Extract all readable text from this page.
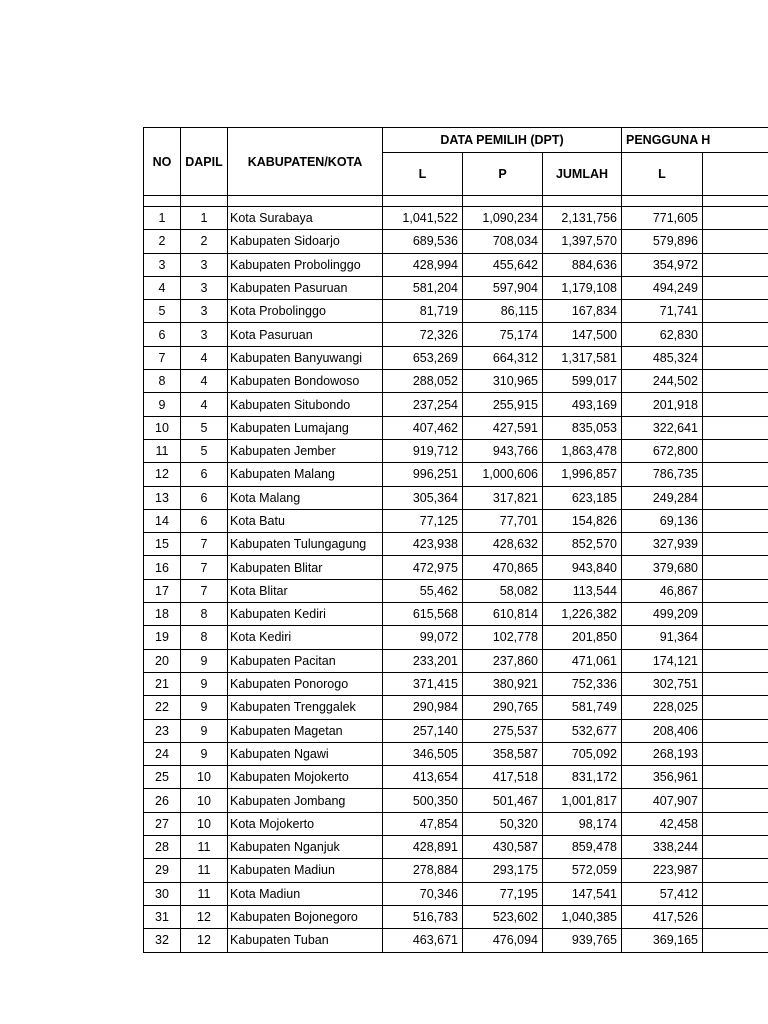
NO	DAPIL	KABUPATEN/KOTA	DATA PEMILIH (DPT)			PENGGUNA H	
			L	P	JUMLAH	L	

1	1	Kota Surabaya	1,041,522	1,090,234	2,131,756	771,605	
2	2	Kabupaten Sidoarjo	689,536	708,034	1,397,570	579,896	
3	3	Kabupaten Probolinggo	428,994	455,642	884,636	354,972	
4	3	Kabupaten Pasuruan	581,204	597,904	1,179,108	494,249	
5	3	Kota Probolinggo	81,719	86,115	167,834	71,741	
6	3	Kota Pasuruan	72,326	75,174	147,500	62,830	
7	4	Kabupaten Banyuwangi	653,269	664,312	1,317,581	485,324	
8	4	Kabupaten Bondowoso	288,052	310,965	599,017	244,502	
9	4	Kabupaten Situbondo	237,254	255,915	493,169	201,918	
10	5	Kabupaten Lumajang	407,462	427,591	835,053	322,641	
11	5	Kabupaten Jember	919,712	943,766	1,863,478	672,800	
12	6	Kabupaten Malang	996,251	1,000,606	1,996,857	786,735	
13	6	Kota Malang	305,364	317,821	623,185	249,284	
14	6	Kota Batu	77,125	77,701	154,826	69,136	
15	7	Kabupaten Tulungagung	423,938	428,632	852,570	327,939	
16	7	Kabupaten Blitar	472,975	470,865	943,840	379,680	
17	7	Kota Blitar	55,462	58,082	113,544	46,867	
18	8	Kabupaten Kediri	615,568	610,814	1,226,382	499,209	
19	8	Kota Kediri	99,072	102,778	201,850	91,364	
20	9	Kabupaten Pacitan	233,201	237,860	471,061	174,121	
21	9	Kabupaten Ponorogo	371,415	380,921	752,336	302,751	
22	9	Kabupaten Trenggalek	290,984	290,765	581,749	228,025	
23	9	Kabupaten Magetan	257,140	275,537	532,677	208,406	
24	9	Kabupaten Ngawi	346,505	358,587	705,092	268,193	
25	10	Kabupaten Mojokerto	413,654	417,518	831,172	356,961	
26	10	Kabupaten Jombang	500,350	501,467	1,001,817	407,907	
27	10	Kota Mojokerto	47,854	50,320	98,174	42,458	
28	11	Kabupaten Nganjuk	428,891	430,587	859,478	338,244	
29	11	Kabupaten Madiun	278,884	293,175	572,059	223,987	
30	11	Kota Madiun	70,346	77,195	147,541	57,412	
31	12	Kabupaten Bojonegoro	516,783	523,602	1,040,385	417,526	
32	12	Kabupaten Tuban	463,671	476,094	939,765	369,165	
